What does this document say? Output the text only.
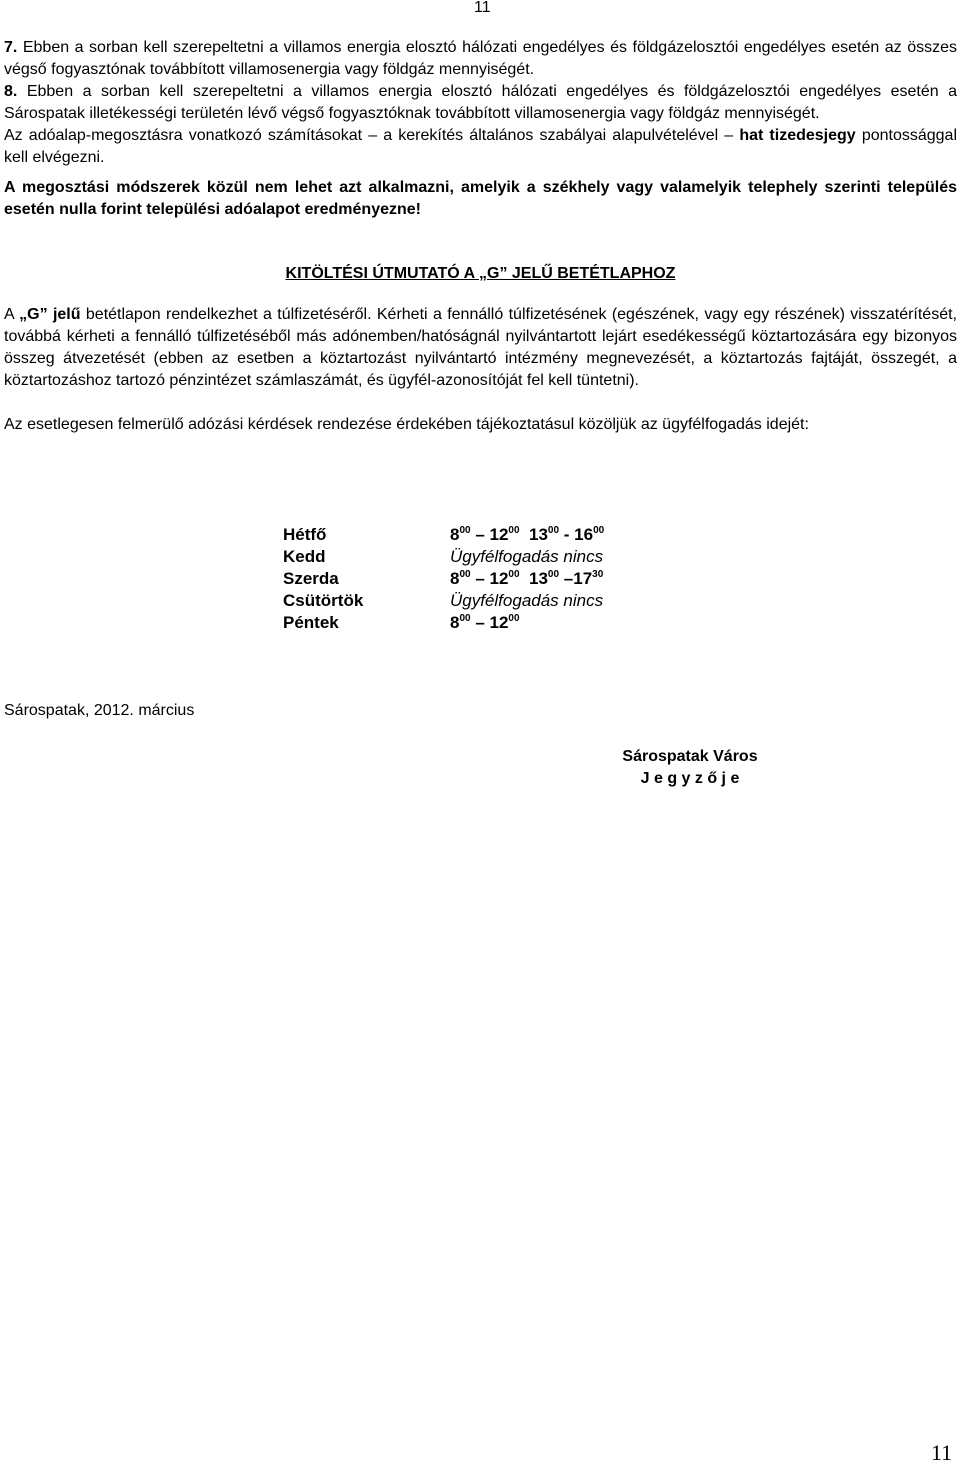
11

7. Ebben a sorban kell szerepeltetni a villamos energia elosztó hálózati engedélyes és földgázelosztói engedélyes esetén az összes végső fogyasztónak továbbított villamosenergia vagy földgáz mennyiségét.

8. Ebben a sorban kell szerepeltetni a villamos energia elosztó hálózati engedélyes és földgázelosztói engedélyes esetén a Sárospatak illetékességi területén lévő végső fogyasztóknak továbbított villamosenergia vagy földgáz mennyiségét.

Az adóalap-megosztásra vonatkozó számításokat – a kerekítés általános szabályai alapulvételével – hat tizedesjegy pontossággal kell elvégezni.

A megosztási módszerek közül nem lehet azt alkalmazni, amelyik a székhely vagy valamelyik telephely szerinti település esetén nulla forint települési adóalapot eredményezne!

KITÖLTÉSI ÚTMUTATÓ A „G” JELŰ BETÉTLAPHOZ

A „G” jelű betétlapon rendelkezhet a túlfizetéséről. Kérheti a fennálló túlfizetésének (egészének, vagy egy részének) visszatérítését, továbbá kérheti a fennálló túlfizetéséből más adónemben/hatóságnál nyilvántartott lejárt esedékességű köztartozására egy bizonyos összeg átvezetését (ebben az esetben a köztartozást nyilvántartó intézmény megnevezését, a köztartozás fajtáját, összegét, a köztartozáshoz tartozó pénzintézet számlaszámát, és ügyfél-azonosítóját fel kell tüntetni).

Az esetlegesen felmerülő adózási kérdések rendezése érdekében tájékoztatásul közöljük az ügyfélfogadás idejét:

Hétfő	$8^{00} - 12^{00}$ $13^{00} - 16^{00}$
Kedd	Ügyfélfogadás nincs
Szerda	$8^{00} - 12^{00}$ $13^{00}$ $-17^{30}$
Csütörtök	Ügyfélfogadás nincs
Péntek	$8^{00} - 12^{00}$
Sárospatak, 2012. március
Sárospatak Város
J e g y z ő j e
11
